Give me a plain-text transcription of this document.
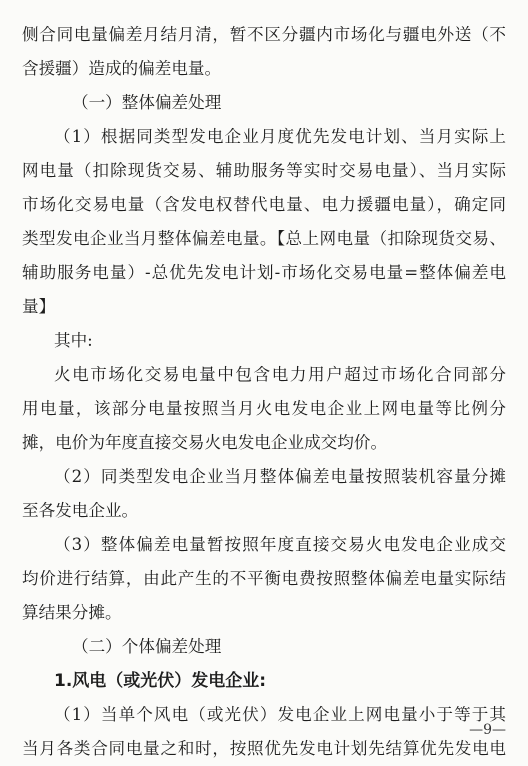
侧合同电量偏差月结月清，暂不区分疆内市场化与疆电外送（不
含援疆）造成的偏差电量。
（一）整体偏差处理
（1）根据同类型发电企业月度优先发电计划、当月实际上
网电量（扣除现货交易、辅助服务等实时交易电量）、当月实际
市场化交易电量（含发电权替代电量、电力援疆电量），确定同
类型发电企业当月整体偏差电量。【总上网电量（扣除现货交易、
辅助服务电量）-总优先发电计划-市场化交易电量=整体偏差电
量】
其中:
火电市场化交易电量中包含电力用户超过市场化合同部分
用电量，该部分电量按照当月火电发电企业上网电量等比例分
摊，电价为年度直接交易火电发电企业成交均价。
（2）同类型发电企业当月整体偏差电量按照装机容量分摊
至各发电企业。
（3）整体偏差电量暂按照年度直接交易火电发电企业成交
均价进行结算，由此产生的不平衡电费按照整体偏差电量实际结
算结果分摊。
（二）个体偏差处理
1.风电（或光伏）发电企业:
（1）当单个风电（或光伏）发电企业上网电量小于等于其
当月各类合同电量之和时，按照优先发电计划先结算优先发电电
—9—
